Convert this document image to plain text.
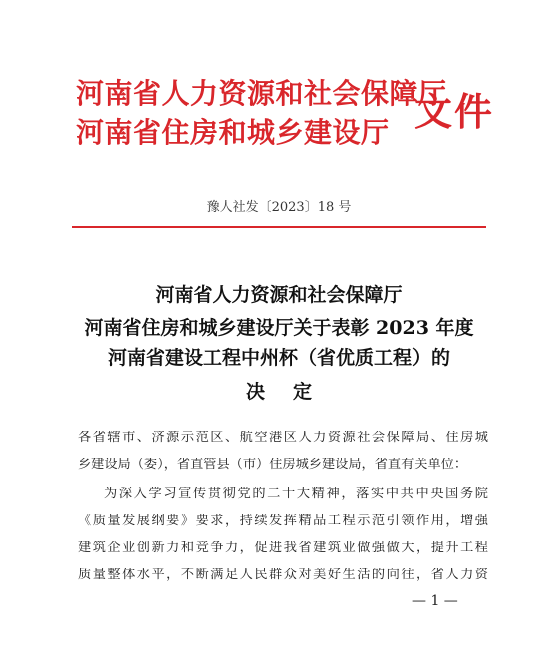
河南省人力资源和社会保障厅
河南省住房和城乡建设厅 文件
豫人社发〔2023〕18 号
河南省人力资源和社会保障厅
河南省住房和城乡建设厅关于表彰 2023 年度
河南省建设工程中州杯（省优质工程）的
决定
各省辖市、济源示范区、航空港区人力资源社会保障局、住房城
乡建设局（委），省直管县（市）住房城乡建设局，省直有关单位：
为深入学习宣传贯彻党的二十大精神，落实中共中央国务院
《质量发展纲要》要求，持续发挥精品工程示范引领作用，增强
建筑企业创新力和竞争力，促进我省建筑业做强做大，提升工程
质量整体水平，不断满足人民群众对美好生活的向往，省人力资
— 1 —
